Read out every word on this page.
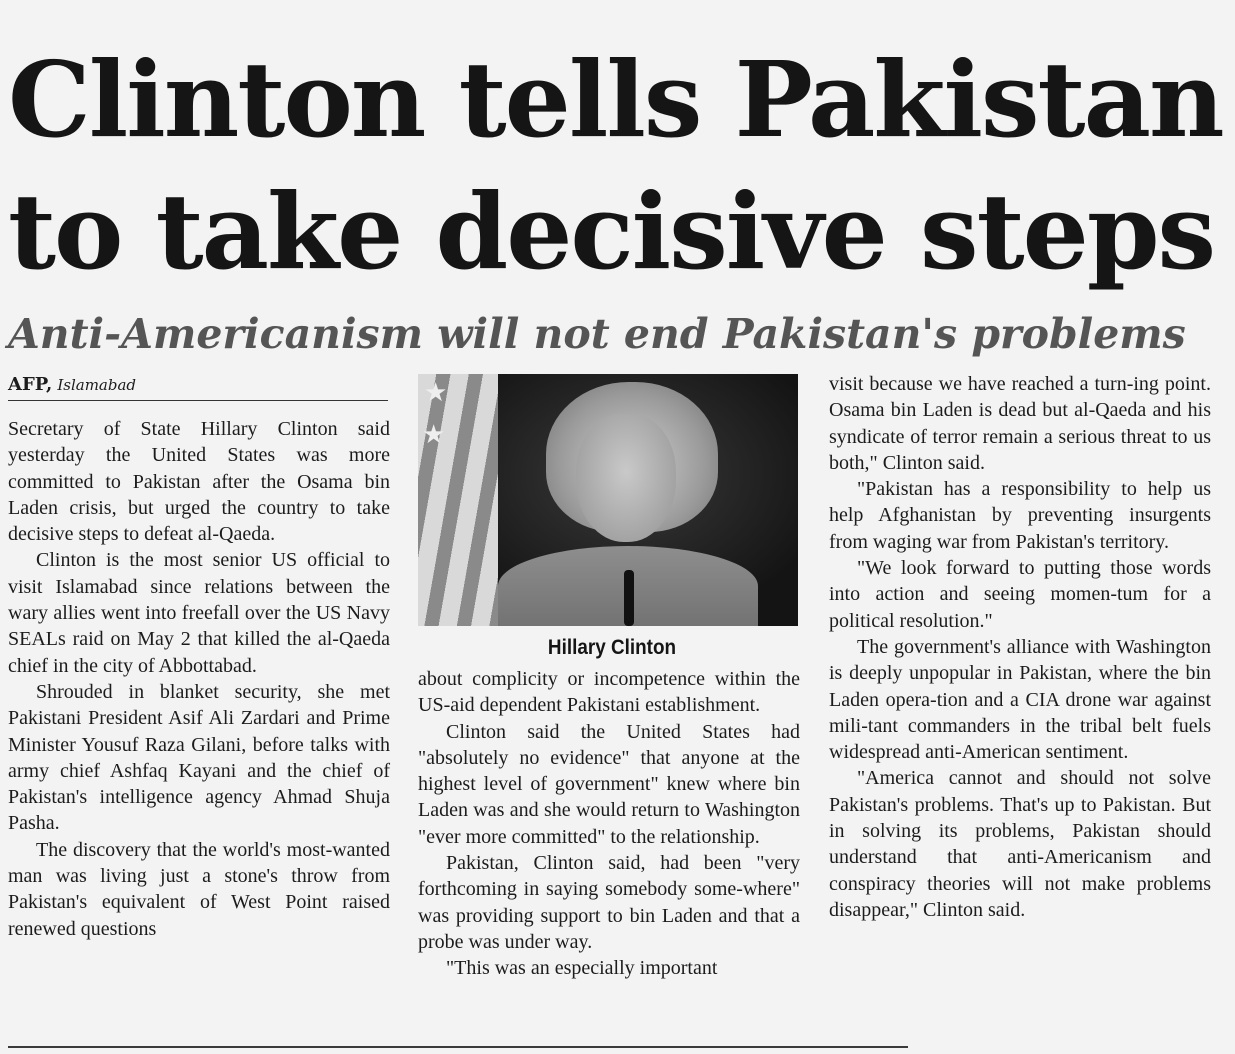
Clinton tells Pakistan
to take decisive steps
Anti-Americanism will not end Pakistan's problems
AFP, Islamabad

Secretary of State Hillary Clinton said yesterday the United States was more committed to Pakistan after the Osama bin Laden crisis, but urged the country to take decisive steps to defeat al-Qaeda.

Clinton is the most senior US official to visit Islamabad since relations between the wary allies went into freefall over the US Navy SEALs raid on May 2 that killed the al-Qaeda chief in the city of Abbottabad.

Shrouded in blanket security, she met Pakistani President Asif Ali Zardari and Prime Minister Yousuf Raza Gilani, before talks with army chief Ashfaq Kayani and the chief of Pakistan's intelligence agency Ahmad Shuja Pasha.

The discovery that the world's most-wanted man was living just a stone's throw from Pakistan's equivalent of West Point raised renewed questions

★
★
Hillary Clinton

about complicity or incompetence within the US-aid dependent Pakistani establishment.

Clinton said the United States had "absolutely no evidence" that anyone at the highest level of government" knew where bin Laden was and she would return to Washington "ever more committed" to the relationship.

Pakistan, Clinton said, had been "very forthcoming in saying somebody some-where" was providing support to bin Laden and that a probe was under way.

"This was an especially important

visit because we have reached a turn-ing point. Osama bin Laden is dead but al-Qaeda and his syndicate of terror remain a serious threat to us both," Clinton said.

"Pakistan has a responsibility to help us help Afghanistan by preventing insurgents from waging war from Pakistan's territory.

"We look forward to putting those words into action and seeing momen-tum for a political resolution."

The government's alliance with Washington is deeply unpopular in Pakistan, where the bin Laden opera-tion and a CIA drone war against mili-tant commanders in the tribal belt fuels widespread anti-American sentiment.

"America cannot and should not solve Pakistan's problems. That's up to Pakistan. But in solving its problems, Pakistan should understand that anti-Americanism and conspiracy theories will not make problems disappear," Clinton said.
